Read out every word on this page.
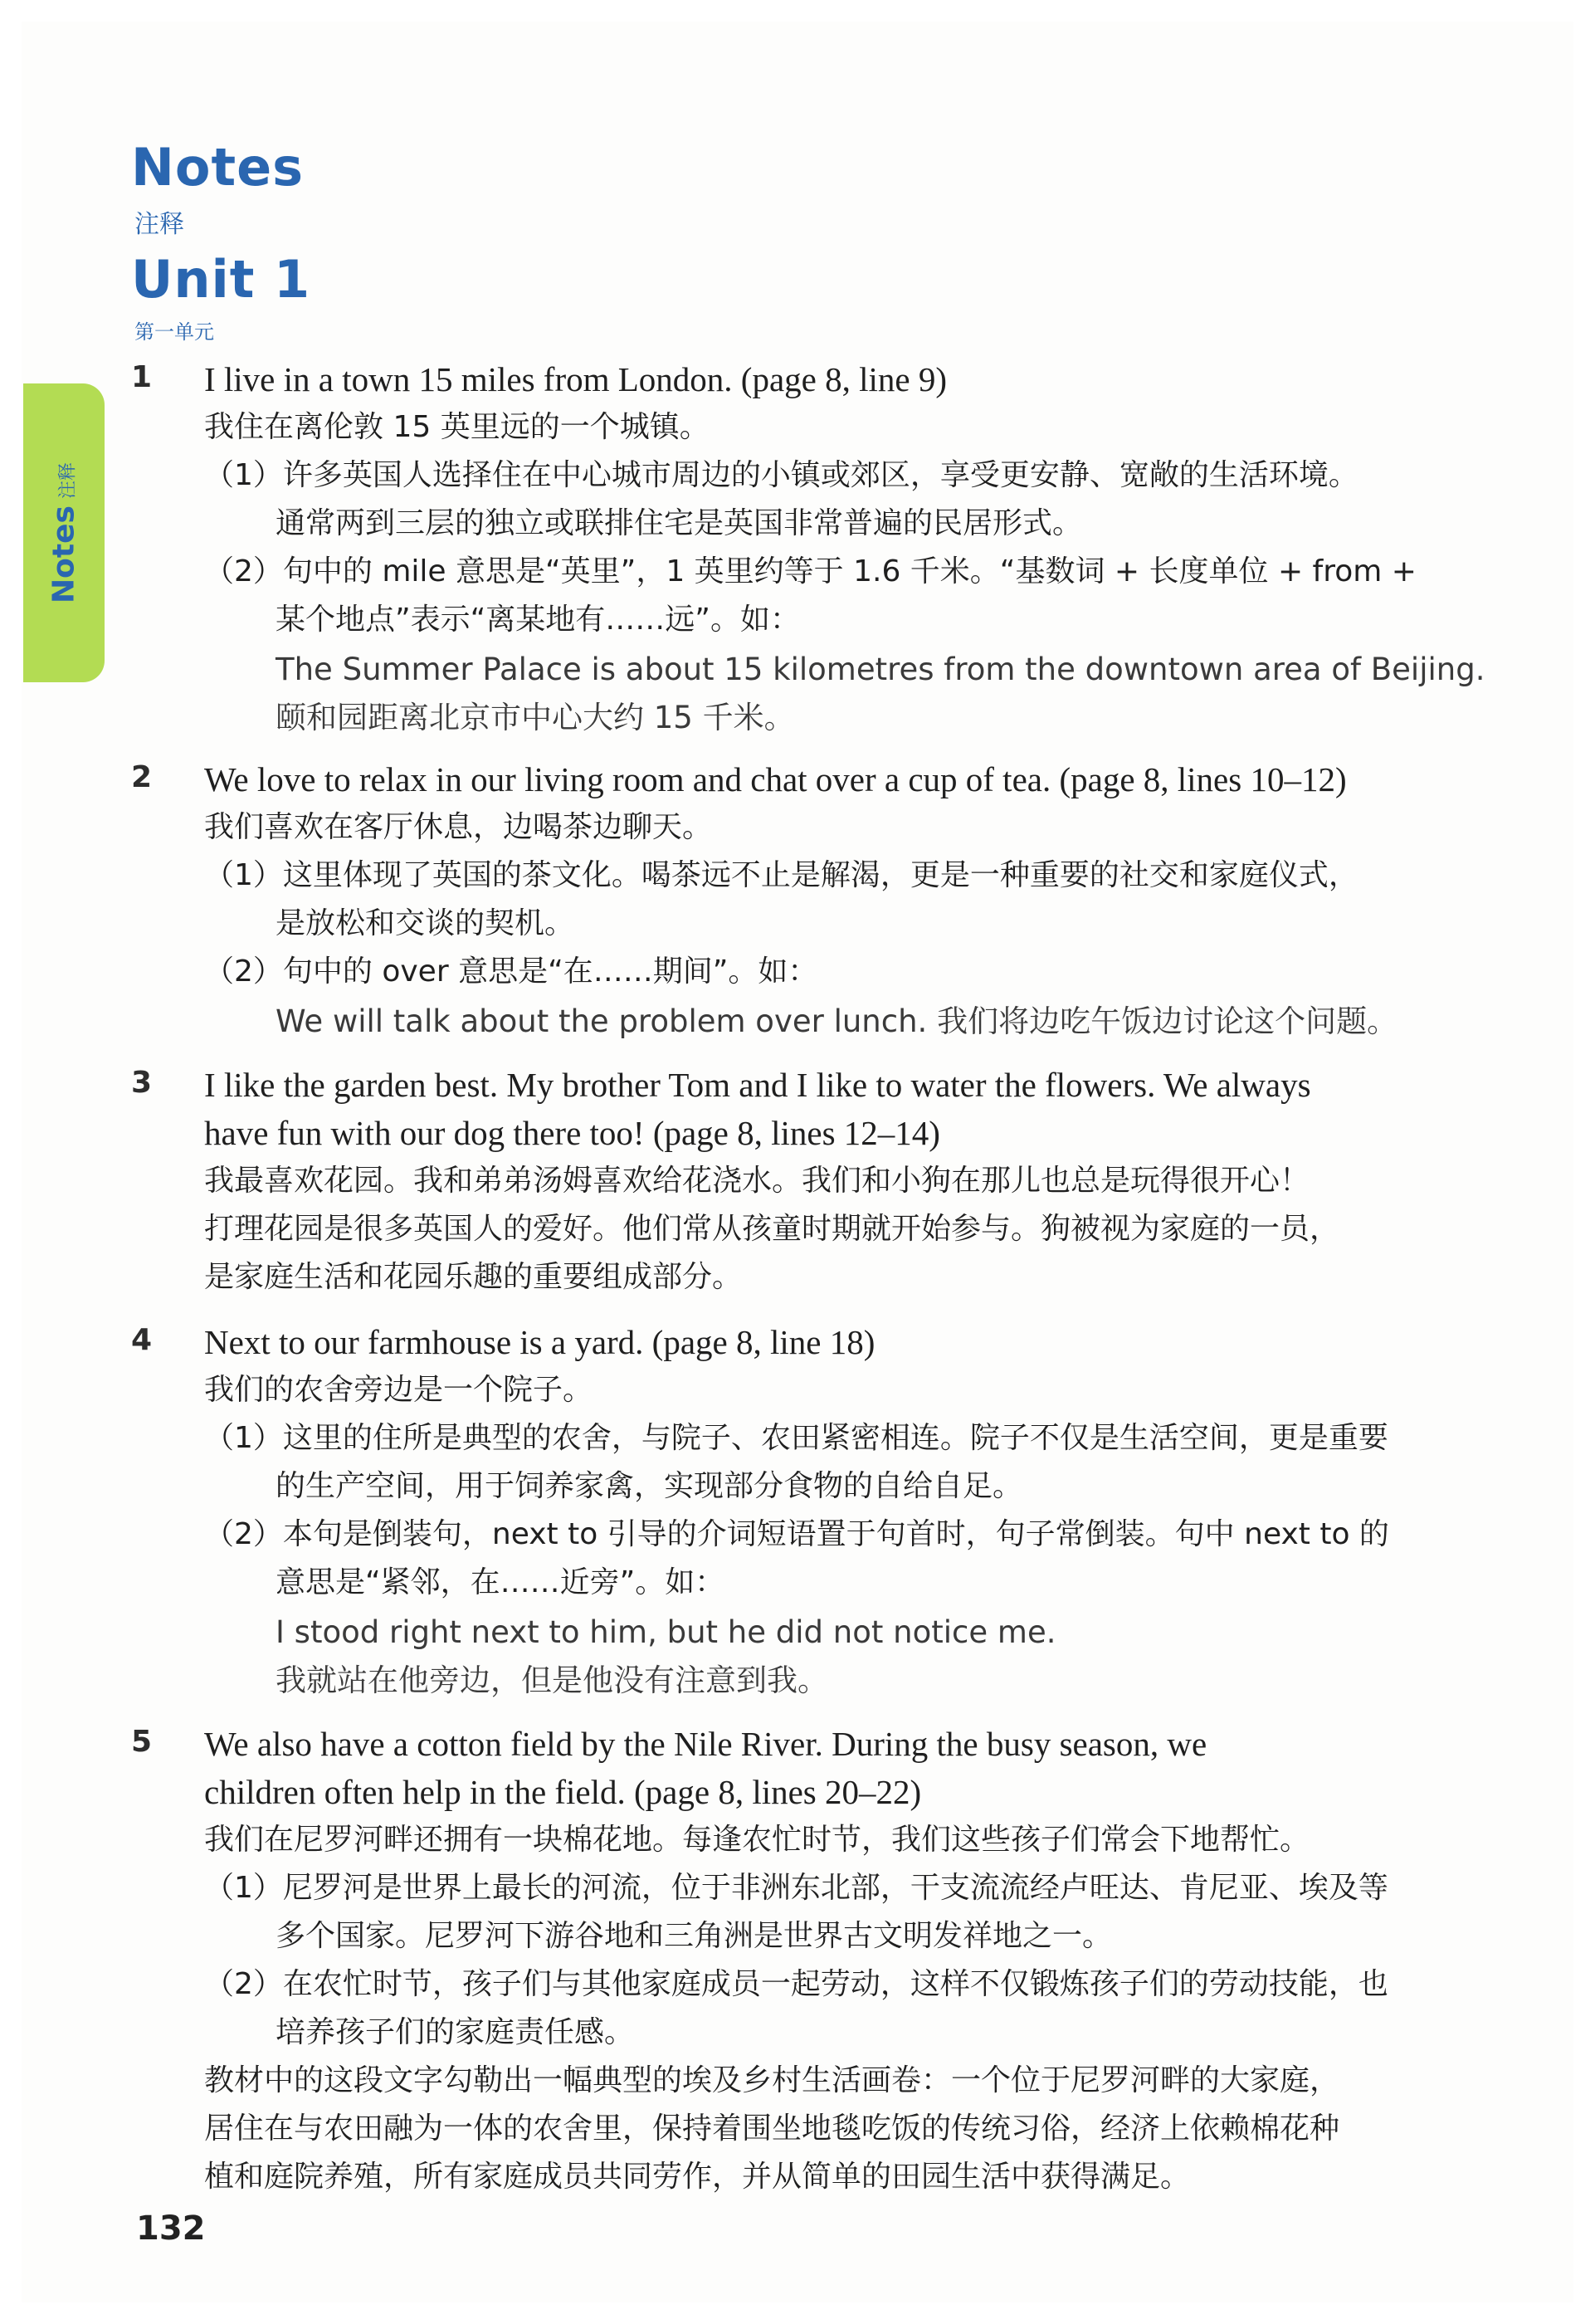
Notes
注释
Notes
注释
Unit 1
第一单元
1 I live in a town 15 miles from London. (page 8, line 9)
我住在离伦敦 15 英里远的一个城镇。
（1）许多英国人选择住在中心城市周边的小镇或郊区，享受更安静、宽敞的生活环境。
通常两到三层的独立或联排住宅是英国非常普遍的民居形式。
（2）句中的 mile 意思是“英里”，1 英里约等于 1.6 千米。“基数词 + 长度单位 + from +
某个地点”表示“离某地有……远”。如：
The Summer Palace is about 15 kilometres from the downtown area of Beijing.
颐和园距离北京市中心大约 15 千米。
2 We love to relax in our living room and chat over a cup of tea. (page 8, lines 10–12)
我们喜欢在客厅休息，边喝茶边聊天。
（1）这里体现了英国的茶文化。喝茶远不止是解渴，更是一种重要的社交和家庭仪式，
是放松和交谈的契机。
（2）句中的 over 意思是“在……期间”。如：
We will talk about the problem over lunch. 我们将边吃午饭边讨论这个问题。
3 I like the garden best. My brother Tom and I like to water the flowers. We always
have fun with our dog there too! (page 8, lines 12–14)
我最喜欢花园。我和弟弟汤姆喜欢给花浇水。我们和小狗在那儿也总是玩得很开心！
打理花园是很多英国人的爱好。他们常从孩童时期就开始参与。狗被视为家庭的一员，
是家庭生活和花园乐趣的重要组成部分。
4 Next to our farmhouse is a yard. (page 8, line 18)
我们的农舍旁边是一个院子。
（1）这里的住所是典型的农舍，与院子、农田紧密相连。院子不仅是生活空间，更是重要
的生产空间，用于饲养家禽，实现部分食物的自给自足。
（2）本句是倒装句，next to 引导的介词短语置于句首时，句子常倒装。句中 next to 的
意思是“紧邻，在……近旁”。如：
I stood right next to him, but he did not notice me.
我就站在他旁边，但是他没有注意到我。
5 We also have a cotton field by the Nile River. During the busy season, we
children often help in the field. (page 8, lines 20–22)
我们在尼罗河畔还拥有一块棉花地。每逢农忙时节，我们这些孩子们常会下地帮忙。
（1）尼罗河是世界上最长的河流，位于非洲东北部，干支流流经卢旺达、肯尼亚、埃及等
多个国家。尼罗河下游谷地和三角洲是世界古文明发祥地之一。
（2）在农忙时节，孩子们与其他家庭成员一起劳动，这样不仅锻炼孩子们的劳动技能，也
培养孩子们的家庭责任感。
教材中的这段文字勾勒出一幅典型的埃及乡村生活画卷：一个位于尼罗河畔的大家庭，
居住在与农田融为一体的农舍里，保持着围坐地毯吃饭的传统习俗，经济上依赖棉花种
植和庭院养殖，所有家庭成员共同劳作，并从简单的田园生活中获得满足。
132
